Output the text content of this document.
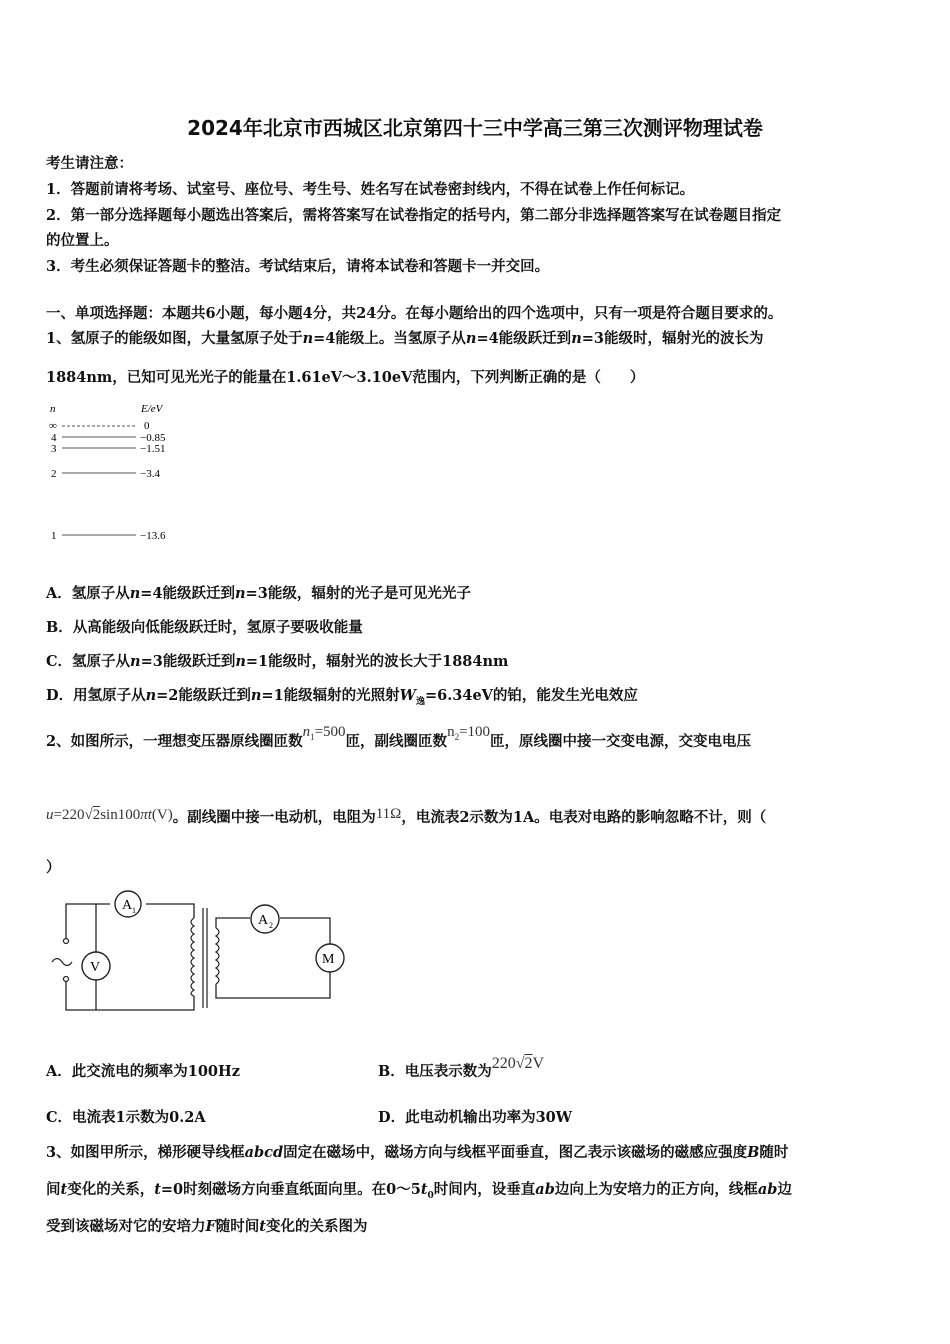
2024年北京市西城区北京第四十三中学高三第三次测评物理试卷
考生请注意：
1．答题前请将考场、试室号、座位号、考生号、姓名写在试卷密封线内，不得在试卷上作任何标记。
2．第一部分选择题每小题选出答案后，需将答案写在试卷指定的括号内，第二部分非选择题答案写在试卷题目指定
的位置上。
3．考生必须保证答题卡的整洁。考试结束后，请将本试卷和答题卡一并交回。
一、单项选择题：本题共6小题，每小题4分，共24分。在每小题给出的四个选项中，只有一项是符合题目要求的。
1、氢原子的能级如图，大量氢原子处于n=4能级上。当氢原子从n=4能级跃迁到n=3能级时，辐射光的波长为
1884nm，已知可见光光子的能量在1.61eV～3.10eV范围内，下列判断正确的是（　　）
n	E/eV
∞	0
4	−0.85
3	−1.51
2	−3.4
1	−13.6
A．氢原子从n=4能级跃迁到n=3能级，辐射的光子是可见光光子
B．从高能级向低能级跃迁时，氢原子要吸收能量
C．氢原子从n=3能级跃迁到n=1能级时，辐射光的波长大于1884nm
D．用氢原子从n=2能级跃迁到n=1能级辐射的光照射$W_逸=6.34eV$的铂，能发生光电效应
2、如图所示，一理想变压器原线圈匝数$n_1=500$匝，副线圈匝数$n_2=100$匝，原线圈中接一交变电源，交变电电压
u=220√2sin100πt(V)。副线圈中接一电动机，电阻为11Ω，电流表2示数为1A。电表对电路的影响忽略不计，则（
）
A 1
V
A 2
M
A．此交流电的频率为100Hz	B．电压表示数为220√2V
C．电流表1示数为0.2A	D．此电动机输出功率为30W
3、如图甲所示，梯形硬导线框abcd固定在磁场中，磁场方向与线框平面垂直，图乙表示该磁场的磁感应强度B随时
间t变化的关系，t=0时刻磁场方向垂直纸面向里。在$0\sim 5t_0$时间内，设垂直ab边向上为安培力的正方向，线框ab边
受到该磁场对它的安培力F随时间t变化的关系图为
